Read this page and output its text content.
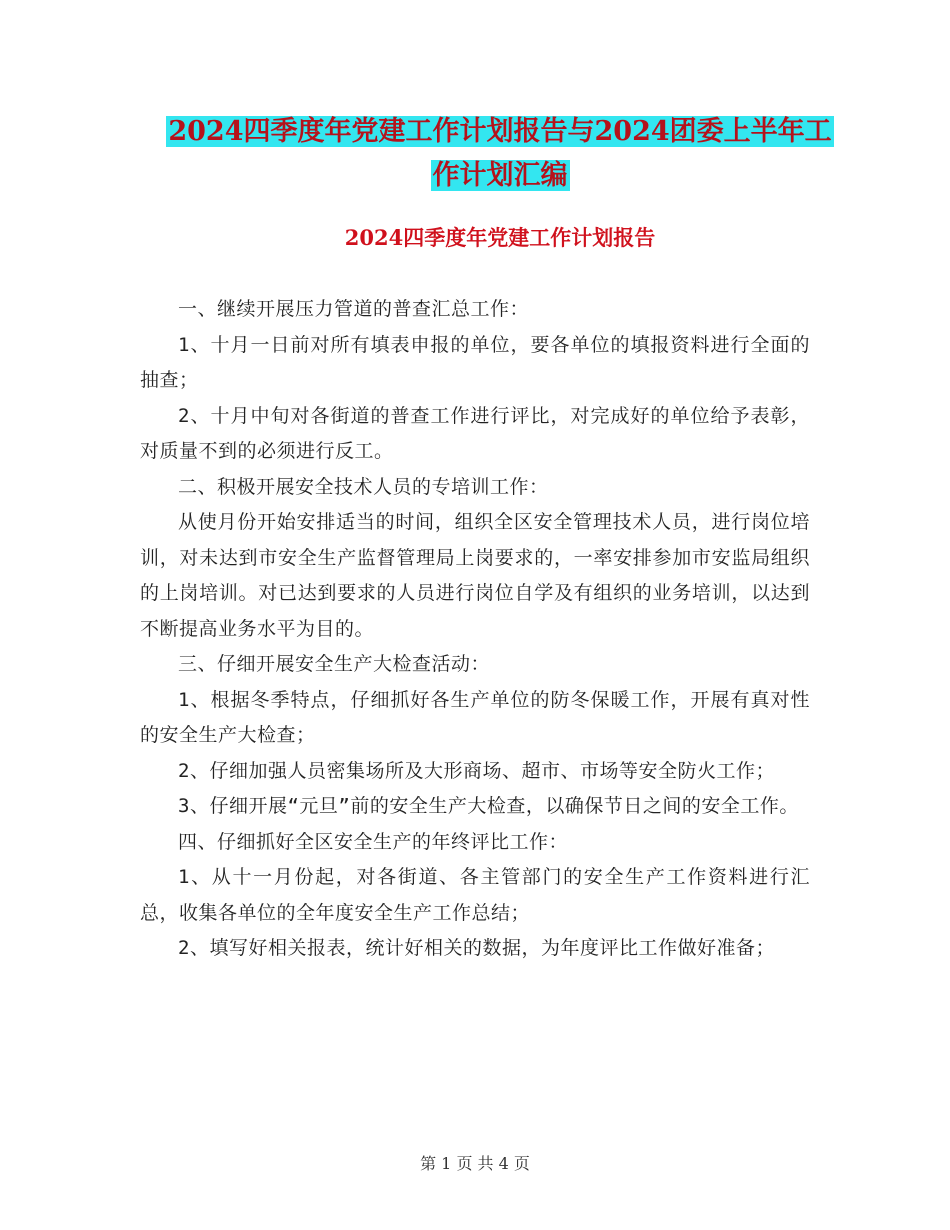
2024四季度年党建工作计划报告与2024团委上半年工
作计划汇编
2024四季度年党建工作计划报告

一、继续开展压力管道的普查汇总工作：

1、十月一日前对所有填表申报的单位，要各单位的填报资料进行全面的抽查；

2、十月中旬对各街道的普查工作进行评比，对完成好的单位给予表彰，对质量不到的必须进行反工。

二、积极开展安全技术人员的专培训工作：

从使月份开始安排适当的时间，组织全区安全管理技术人员，进行岗位培训，对未达到市安全生产监督管理局上岗要求的，一率安排参加市安监局组织的上岗培训。对已达到要求的人员进行岗位自学及有组织的业务培训，以达到不断提高业务水平为目的。

三、仔细开展安全生产大检查活动：

1、根据冬季特点，仔细抓好各生产单位的防冬保暖工作，开展有真对性的安全生产大检查；

2、仔细加强人员密集场所及大形商场、超市、市场等安全防火工作；

3、仔细开展“元旦”前的安全生产大检查，以确保节日之间的安全工作。

四、仔细抓好全区安全生产的年终评比工作：

1、从十一月份起，对各街道、各主管部门的安全生产工作资料进行汇总，收集各单位的全年度安全生产工作总结；

2、填写好相关报表，统计好相关的数据，为年度评比工作做好准备；

第 1 页 共 4 页
